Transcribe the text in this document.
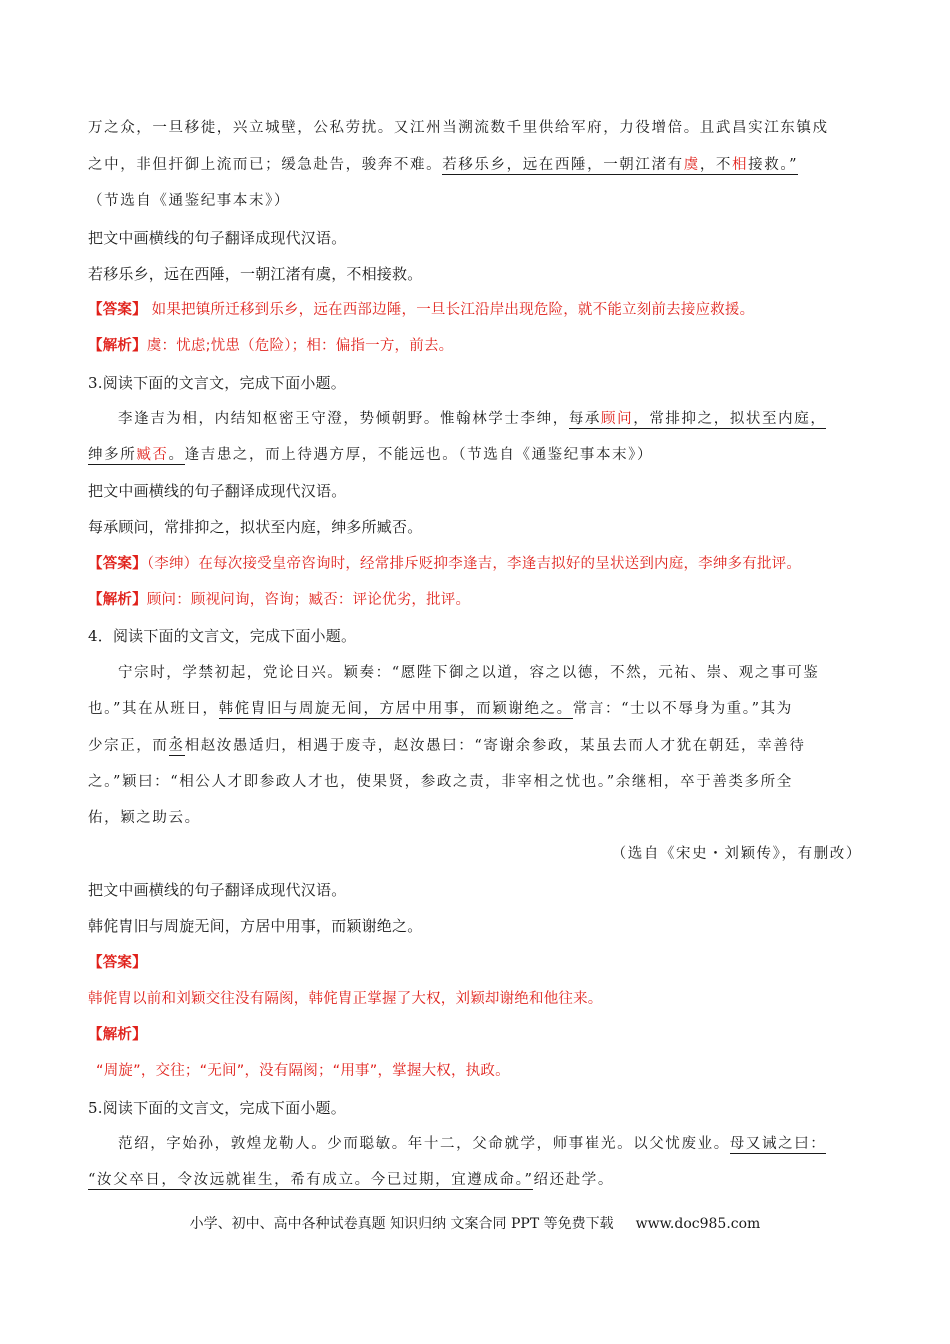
万之众，一旦移徙，兴立城壁，公私劳扰。又江州当溯流数千里供给军府，力役增倍。且武昌实江东镇戍

之中，非但扞御上流而已；缓急赴告，骏奔不难。若移乐乡，远在西陲，一朝江渚有虞，不相接救。”

（节选自《通鉴纪事本末》）

把文中画横线的句子翻译成现代汉语。

若移乐乡，远在西陲，一朝江渚有虞，不相接救。

【答案】 如果把镇所迁移到乐乡，远在西部边陲，一旦长江沿岸出现危险，就不能立刻前去接应救援。

【解析】虞：忧虑;忧患（危险）；相：偏指一方，前去。

3.阅读下面的文言文，完成下面小题。

李逢吉为相，内结知枢密王守澄，势倾朝野。惟翰林学士李绅，每承顾问，常排抑之，拟状至内庭，

绅多所臧否。逢吉患之，而上待遇方厚，不能远也。（节选自《通鉴纪事本末》）

把文中画横线的句子翻译成现代汉语。

每承顾问，常排抑之，拟状至内庭，绅多所臧否。

【答案】（李绅）在每次接受皇帝咨询时，经常排斥贬抑李逢吉，李逢吉拟好的呈状送到内庭，李绅多有批评。

【解析】顾问：顾视问询，咨询；臧否：评论优劣，批评。

4．阅读下面的文言文，完成下面小题。

宁宗时，学禁初起，党论日兴。颖奏：“愿陛下御之以道，容之以德，不然，元祐、崇、观之事可鉴

也。”其在从班日，韩侂胄旧与周旋无间，方居中用事，而颖谢绝之。常言：“士以不辱身为重。”其为

少宗正，而丞相赵汝愚适归，相遇于废寺，赵汝愚曰：“寄谢余参政，某虽去而人才犹在朝廷，幸善待

之。”颖曰：“相公人才即参政人才也，使果贤，参政之责，非宰相之忧也。”余继相，卒于善类多所全

佑，颖之助云。

（选自《宋史・刘颖传》，有删改）

把文中画横线的句子翻译成现代汉语。

韩侂胄旧与周旋无间，方居中用事，而颖谢绝之。

【答案】

韩侂胄以前和刘颖交往没有隔阂，韩侂胄正掌握了大权，刘颖却谢绝和他往来。

【解析】

“周旋”，交往；“无间”，没有隔阂；“用事”，掌握大权，执政。

5.阅读下面的文言文，完成下面小题。

范绍，字始孙，敦煌龙勒人。少而聪敏。年十二，父命就学，师事崔光。以父忧废业。母又诫之曰：

“汝父卒日，令汝远就崔生，希有成立。今已过期，宜遵成命。”绍还赴学。

小学、初中、高中各种试卷真题 知识归纳 文案合同 PPT 等免费下载 www.doc985.com
